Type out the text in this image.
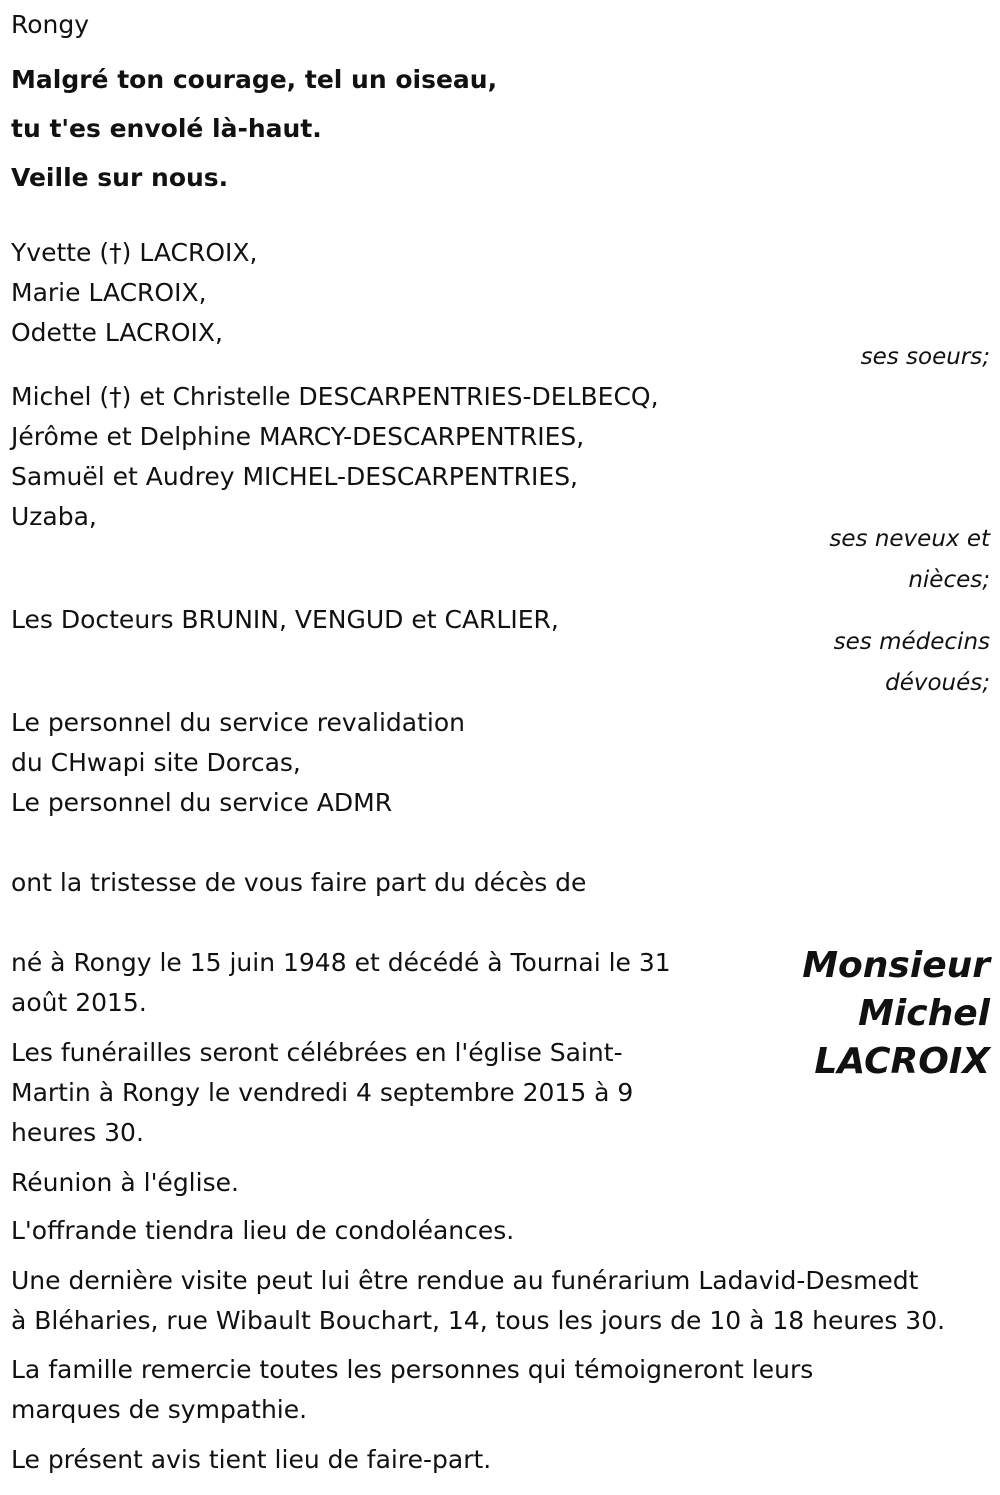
Rongy
Malgré ton courage, tel un oiseau,
tu t'es envolé là-haut.
Veille sur nous.
Yvette (†) LACROIX,
Marie LACROIX,
Odette LACROIX,
ses soeurs;
Michel (†) et Christelle DESCARPENTRIES-DELBECQ,
Jérôme et Delphine MARCY-DESCARPENTRIES,
Samuël et Audrey MICHEL-DESCARPENTRIES,
Uzaba,
ses neveux et
nièces;
Les Docteurs BRUNIN, VENGUD et CARLIER,
ses médecins
dévoués;
Le personnel du service revalidation
du CHwapi site Dorcas,
Le personnel du service ADMR
ont la tristesse de vous faire part du décès de
Monsieur
Michel
LACROIX
né à Rongy le 15 juin 1948 et décédé à Tournai le 31
août 2015.
Les funérailles seront célébrées en l'église Saint-
Martin à Rongy le vendredi 4 septembre 2015 à 9
heures 30.
Réunion à l'église.
L'offrande tiendra lieu de condoléances.
Une dernière visite peut lui être rendue au funérarium Ladavid-Desmedt
à Bléharies, rue Wibault Bouchart, 14, tous les jours de 10 à 18 heures 30.
La famille remercie toutes les personnes qui témoigneront leurs
marques de sympathie.
Le présent avis tient lieu de faire-part.
